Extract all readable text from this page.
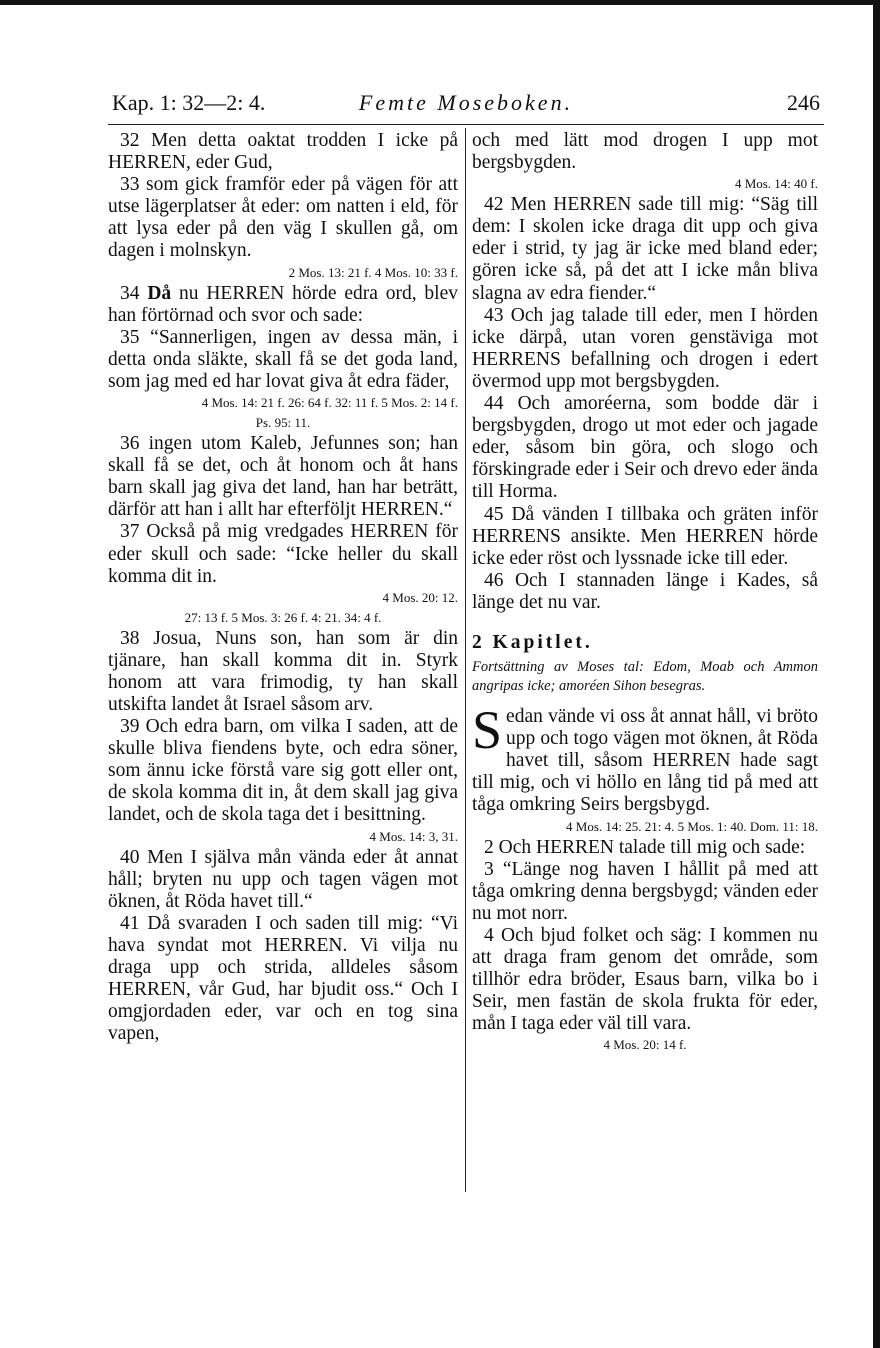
Kap. 1: 32—2: 4.	Femte Moseboken.	246

32 Men detta oaktat trodden I icke på HERREN, eder Gud,

33 som gick framför eder på vägen för att utse lägerplatser åt eder: om natten i eld, för att lysa eder på den väg I skullen gå, om dagen i molnskyn.

2 Mos. 13: 21 f. 4 Mos. 10: 33 f.

34 Då nu HERREN hörde edra ord, blev han förtörnad och svor och sade:

35 “Sannerligen, ingen av dessa män, i detta onda släkte, skall få se det goda land, som jag med ed har lovat giva åt edra fäder,

4 Mos. 14: 21 f. 26: 64 f. 32: 11 f. 5 Mos. 2: 14 f.

Ps. 95: 11.

36 ingen utom Kaleb, Jefunnes son; han skall få se det, och åt honom och åt hans barn skall jag giva det land, han har beträtt, därför att han i allt har efterföljt HERREN.“

37 Också på mig vredgades HERREN för eder skull och sade: “Icke heller du skall komma dit in.

4 Mos. 20: 12.

27: 13 f. 5 Mos. 3: 26 f. 4: 21. 34: 4 f.

38 Josua, Nuns son, han som är din tjänare, han skall komma dit in. Styrk honom att vara frimodig, ty han skall utskifta landet åt Israel såsom arv.

39 Och edra barn, om vilka I saden, att de skulle bliva fiendens byte, och edra söner, som ännu icke förstå vare sig gott eller ont, de skola komma dit in, åt dem skall jag giva landet, och de skola taga det i besittning.

4 Mos. 14: 3, 31.

40 Men I själva mån vända eder åt annat håll; bryten nu upp och tagen vägen mot öknen, åt Röda havet till.“

41 Då svaraden I och saden till mig: “Vi hava syndat mot HERREN. Vi vilja nu draga upp och strida, alldeles såsom HERREN, vår Gud, har bjudit oss.“ Och I omgjordaden eder, var och en tog sina vapen,

och med lätt mod drogen I upp mot bergsbygden.

4 Mos. 14: 40 f.

42 Men HERREN sade till mig: “Säg till dem: I skolen icke draga dit upp och giva eder i strid, ty jag är icke med bland eder; gören icke så, på det att I icke mån bliva slagna av edra fiender.“

43 Och jag talade till eder, men I hörden icke därpå, utan voren genstäviga mot HERRENS befallning och drogen i edert övermod upp mot bergsbygden.

44 Och amoréerna, som bodde där i bergsbygden, drogo ut mot eder och jagade eder, såsom bin göra, och slogo och förskingrade eder i Seir och drevo eder ända till Horma.

45 Då vänden I tillbaka och gräten inför HERRENS ansikte. Men HERREN hörde icke eder röst och lyssnade icke till eder.

46 Och I stannaden länge i Kades, så länge det nu var.

2 Kapitlet.

Fortsättning av Moses tal: Edom, Moab och Ammon angripas icke; amoréen Sihon besegras.

Sedan vände vi oss åt annat håll, vi bröto upp och togo vägen mot öknen, åt Röda havet till, såsom HERREN hade sagt till mig, och vi höllo en lång tid på med att tåga omkring Seirs bergsbygd.

4 Mos. 14: 25. 21: 4. 5 Mos. 1: 40. Dom. 11: 18.

2 Och HERREN talade till mig och sade:

3 “Länge nog haven I hållit på med att tåga omkring denna bergsbygd; vänden eder nu mot norr.

4 Och bjud folket och säg: I kommen nu att draga fram genom det område, som tillhör edra bröder, Esaus barn, vilka bo i Seir, men fastän de skola frukta för eder, mån I taga eder väl till vara.

4 Mos. 20: 14 f.
